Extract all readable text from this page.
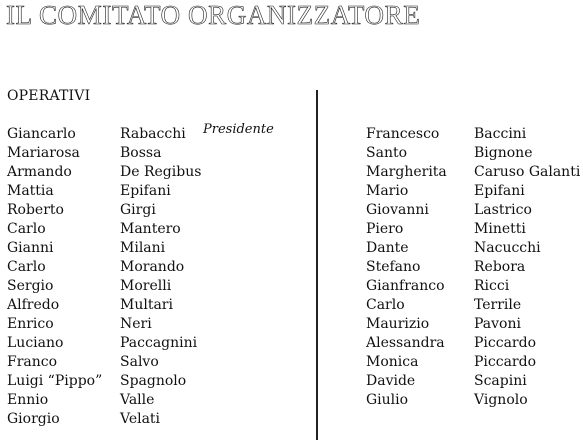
IL COMITATO ORGANIZZATORE
OPERATIVI
Presidente
Giancarlo
Mariarosa
Armando
Mattia
Roberto
Carlo
Gianni
Carlo
Sergio
Alfredo
Enrico
Luciano
Franco
Luigi “Pippo”
Ennio
Giorgio
Rabacchi
Bossa
De Regibus
Epifani
Girgi
Mantero
Milani
Morando
Morelli
Multari
Neri
Paccagnini
Salvo
Spagnolo
Valle
Velati
Francesco
Santo
Margherita
Mario
Giovanni
Piero
Dante
Stefano
Gianfranco
Carlo
Maurizio
Alessandra
Monica
Davide
Giulio
Baccini
Bignone
Caruso Galanti
Epifani
Lastrico
Minetti
Nacucchi
Rebora
Ricci
Terrile
Pavoni
Piccardo
Piccardo
Scapini
Vignolo
